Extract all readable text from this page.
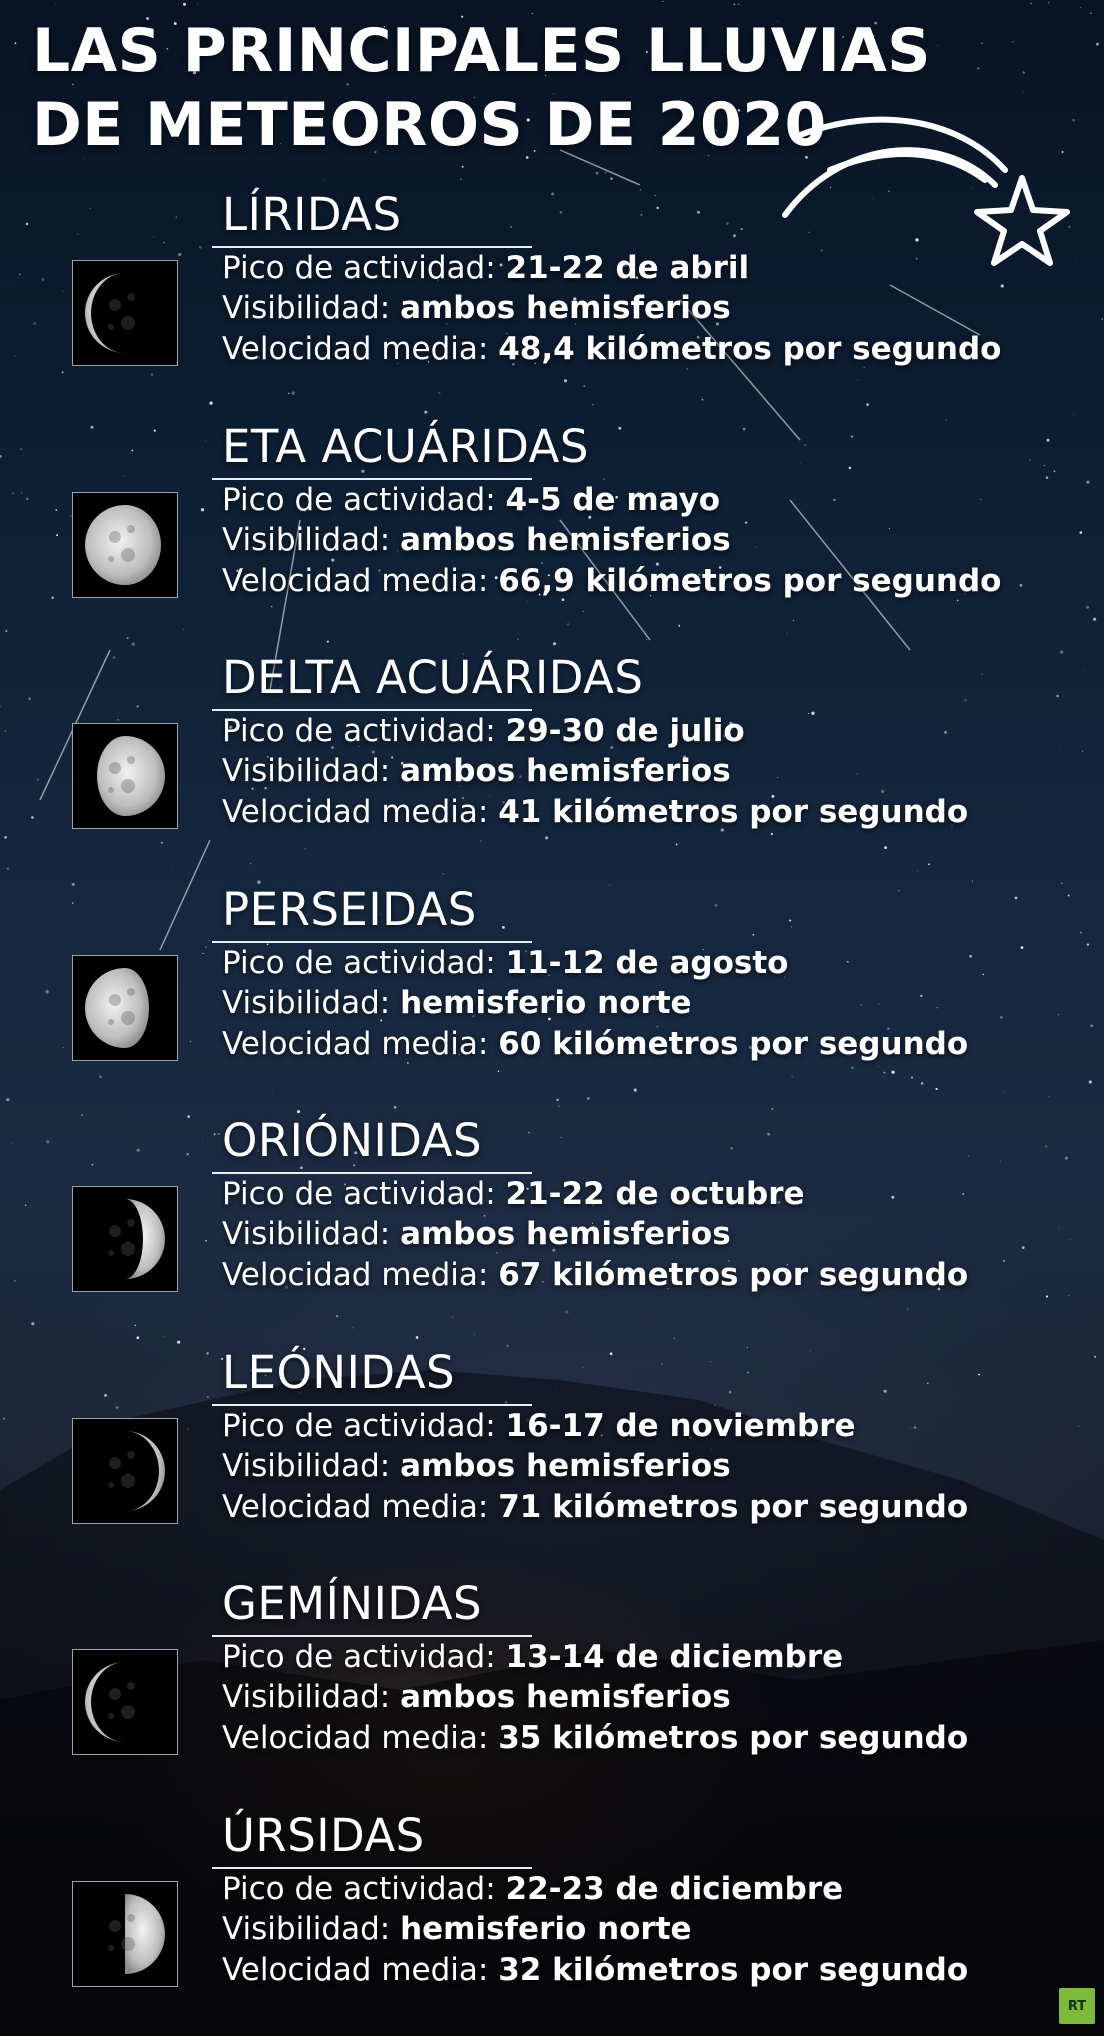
LAS PRINCIPALES LLUVIAS
DE METEOROS DE 2020
LÍRIDAS
Pico de actividad: 21-22 de abril
Visibilidad: ambos hemisferios
Velocidad media: 48,4 kilómetros por segundo
ETA ACUÁRIDAS
Pico de actividad: 4-5 de mayo
Visibilidad: ambos hemisferios
Velocidad media: 66,9 kilómetros por segundo
DELTA ACUÁRIDAS
Pico de actividad: 29-30 de julio
Visibilidad: ambos hemisferios
Velocidad media: 41 kilómetros por segundo
PERSEIDAS
Pico de actividad: 11-12 de agosto
Visibilidad: hemisferio norte
Velocidad media: 60 kilómetros por segundo
ORIÓNIDAS
Pico de actividad: 21-22 de octubre
Visibilidad: ambos hemisferios
Velocidad media: 67 kilómetros por segundo
LEÓNIDAS
Pico de actividad: 16-17 de noviembre
Visibilidad: ambos hemisferios
Velocidad media: 71 kilómetros por segundo
GEMÍNIDAS
Pico de actividad: 13-14 de diciembre
Visibilidad: ambos hemisferios
Velocidad media: 35 kilómetros por segundo
ÚRSIDAS
Pico de actividad: 22-23 de diciembre
Visibilidad: hemisferio norte
Velocidad media: 32 kilómetros por segundo
RT
